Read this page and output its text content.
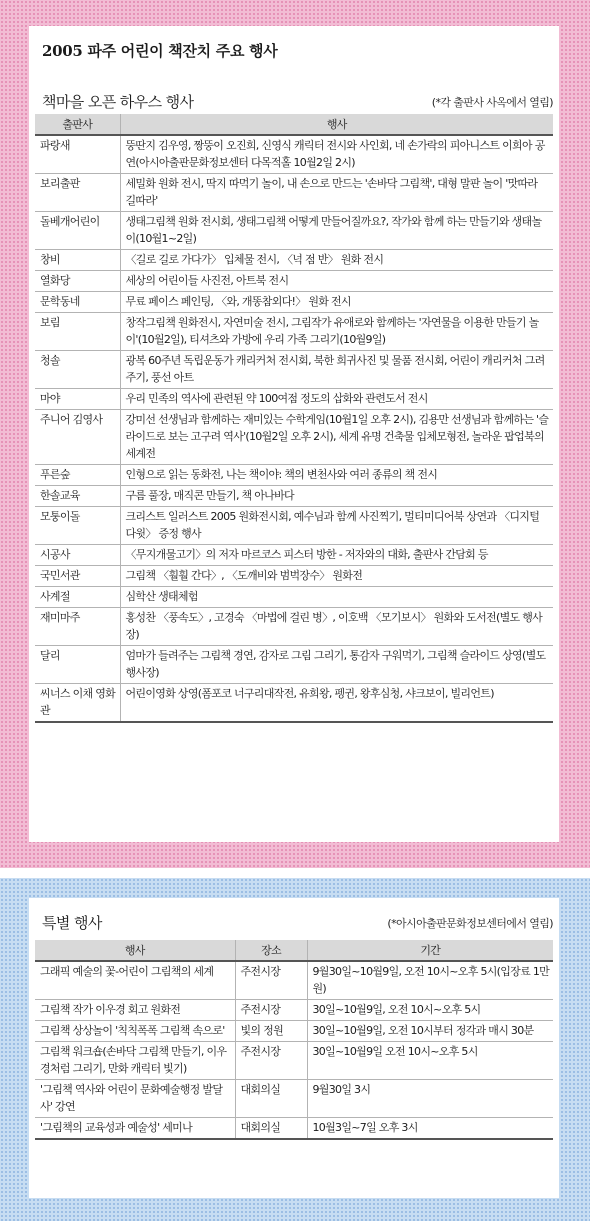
2005 파주 어린이 책잔치 주요 행사
책마을 오픈 하우스 행사	(*각 출판사 사옥에서 열림)
출판사	행사
파랑새	뚱딴지 김우영, 짱뚱이 오진희, 신영식 캐릭터 전시와 사인회, 네 손가락의 피아니스트 이희아 공연(아시아출판문화정보센터 다목적홀 10월2일 2시)
보리출판	세밀화 원화 전시, 딱지 따먹기 놀이, 내 손으로 만드는 '손바닥 그림책', 대형 말판 놀이 '맛따라 길따라'
돌베개어린이	생태그림책 원화 전시회, 생태그림책 어떻게 만들어질까요?, 작가와 함께 하는 만들기와 생태놀이(10월1~2일)
창비	〈길로 길로 가다가〉 입체물 전시, 〈넉 점 반〉 원화 전시
열화당	세상의 어린이들 사진전, 아트북 전시
문학동네	무료 페이스 페인팅, 〈와, 개똥참외다!〉 원화 전시
보림	창작그림책 원화전시, 자연미술 전시, 그림작가 유애로와 함께하는 '자연물을 이용한 만들기 놀이'(10월2일), 티셔츠와 가방에 우리 가족 그리기(10월9일)
청솔	광복 60주년 독립운동가 캐리커처 전시회, 북한 희귀사진 및 물품 전시회, 어린이 캐리커처 그려주기, 풍선 아트
마야	우리 민족의 역사에 관련된 약 100여점 정도의 삽화와 관련도서 전시
주니어 김영사	강미선 선생님과 함께하는 재미있는 수학게임(10월1일 오후 2시), 김용만 선생님과 함께하는 '슬라이드로 보는 고구려 역사'(10월2일 오후 2시), 세계 유명 건축물 입체모형전, 놀라운 팝업북의 세계전
푸른숲	인형으로 읽는 동화전, 나는 책이야: 책의 변천사와 여러 종류의 책 전시
한솔교육	구름 풀장, 매직콘 만들기, 책 아나바다
모퉁이돌	크리스트 일러스트 2005 원화전시회, 예수님과 함께 사진찍기, 멀티미디어북 상연과 〈디지털 다윗〉 증정 행사
시공사	〈무지개물고기〉의 저자 마르코스 피스터 방한 - 저자와의 대화, 출판사 간담회 등
국민서관	그림책 〈훨훨 간다〉, 〈도깨비와 범벅장수〉 원화전
사계절	심학산 생태체험
재미마주	홍성찬 〈풍속도〉, 고경숙 〈마법에 걸린 병〉, 이호백 〈모기보시〉 원화와 도서전(별도 행사장)
달리	엄마가 들려주는 그림책 경연, 감자로 그림 그리기, 통감자 구워먹기, 그림책 슬라이드 상영(별도 행사장)
씨너스 이채 영화관	어린이영화 상영(폼포코 너구리대작전, 유희왕, 펭귄, 왕후심청, 샤크보이, 빌리언트)
특별 행사	(*아시아출판문화정보센터에서 열림)
행사	장소	기간
그래픽 예술의 꽃-어린이 그림책의 세계	주전시장	9월30일~10월9일, 오전 10시~오후 5시(입장료 1만원)
그림책 작가 이우경 회고 원화전	주전시장	30일~10월9일, 오전 10시~오후 5시
그림책 상상놀이 '칙칙폭폭 그림책 속으로'	빛의 정원	30일~10월9일, 오전 10시부터 정각과 매시 30분
그림책 워크숍(손바닥 그림책 만들기, 이우경처럼 그리기, 만화 캐릭터 빛기)	주전시장	30일~10월9일 오전 10시~오후 5시
'그림책 역사와 어린이 문화예술행정 발달사' 강연	대회의실	9월30일 3시
'그림책의 교육성과 예술성' 세미나	대회의실	10월3일~7일 오후 3시
